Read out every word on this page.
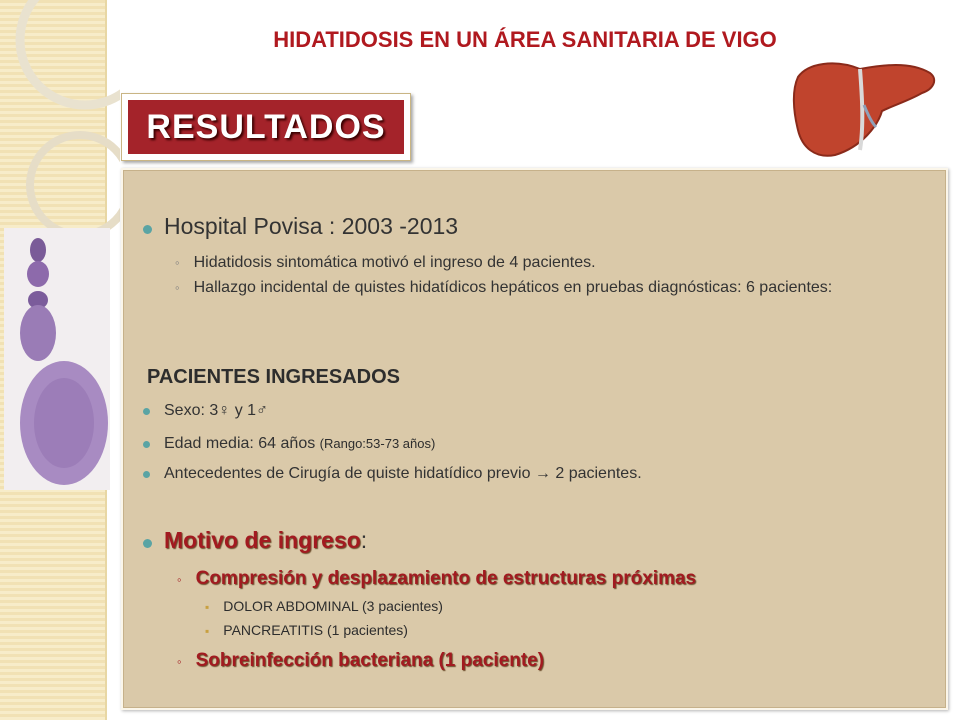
HIDATIDOSIS EN UN ÁREA SANITARIA DE VIGO
RESULTADOS
Hospital Povisa : 2003 -2013
◦ Hidatidosis sintomática motivó el ingreso de 4 pacientes.
◦ Hallazgo incidental de quistes hidatídicos hepáticos en pruebas diagnósticas: 6 pacientes:
PACIENTES INGRESADOS
Sexo: 3♀ y 1♂
Edad media: 64 años
(Rango:53-73 años)
Antecedentes de Cirugía de quiste hidatídico previo → 2 pacientes.
Motivo de ingreso :
◦ Compresión y desplazamiento de estructuras próximas
▪ DOLOR ABDOMINAL (3 pacientes)
▪ PANCREATITIS (1 pacientes)
◦ Sobreinfección bacteriana (1 paciente)
